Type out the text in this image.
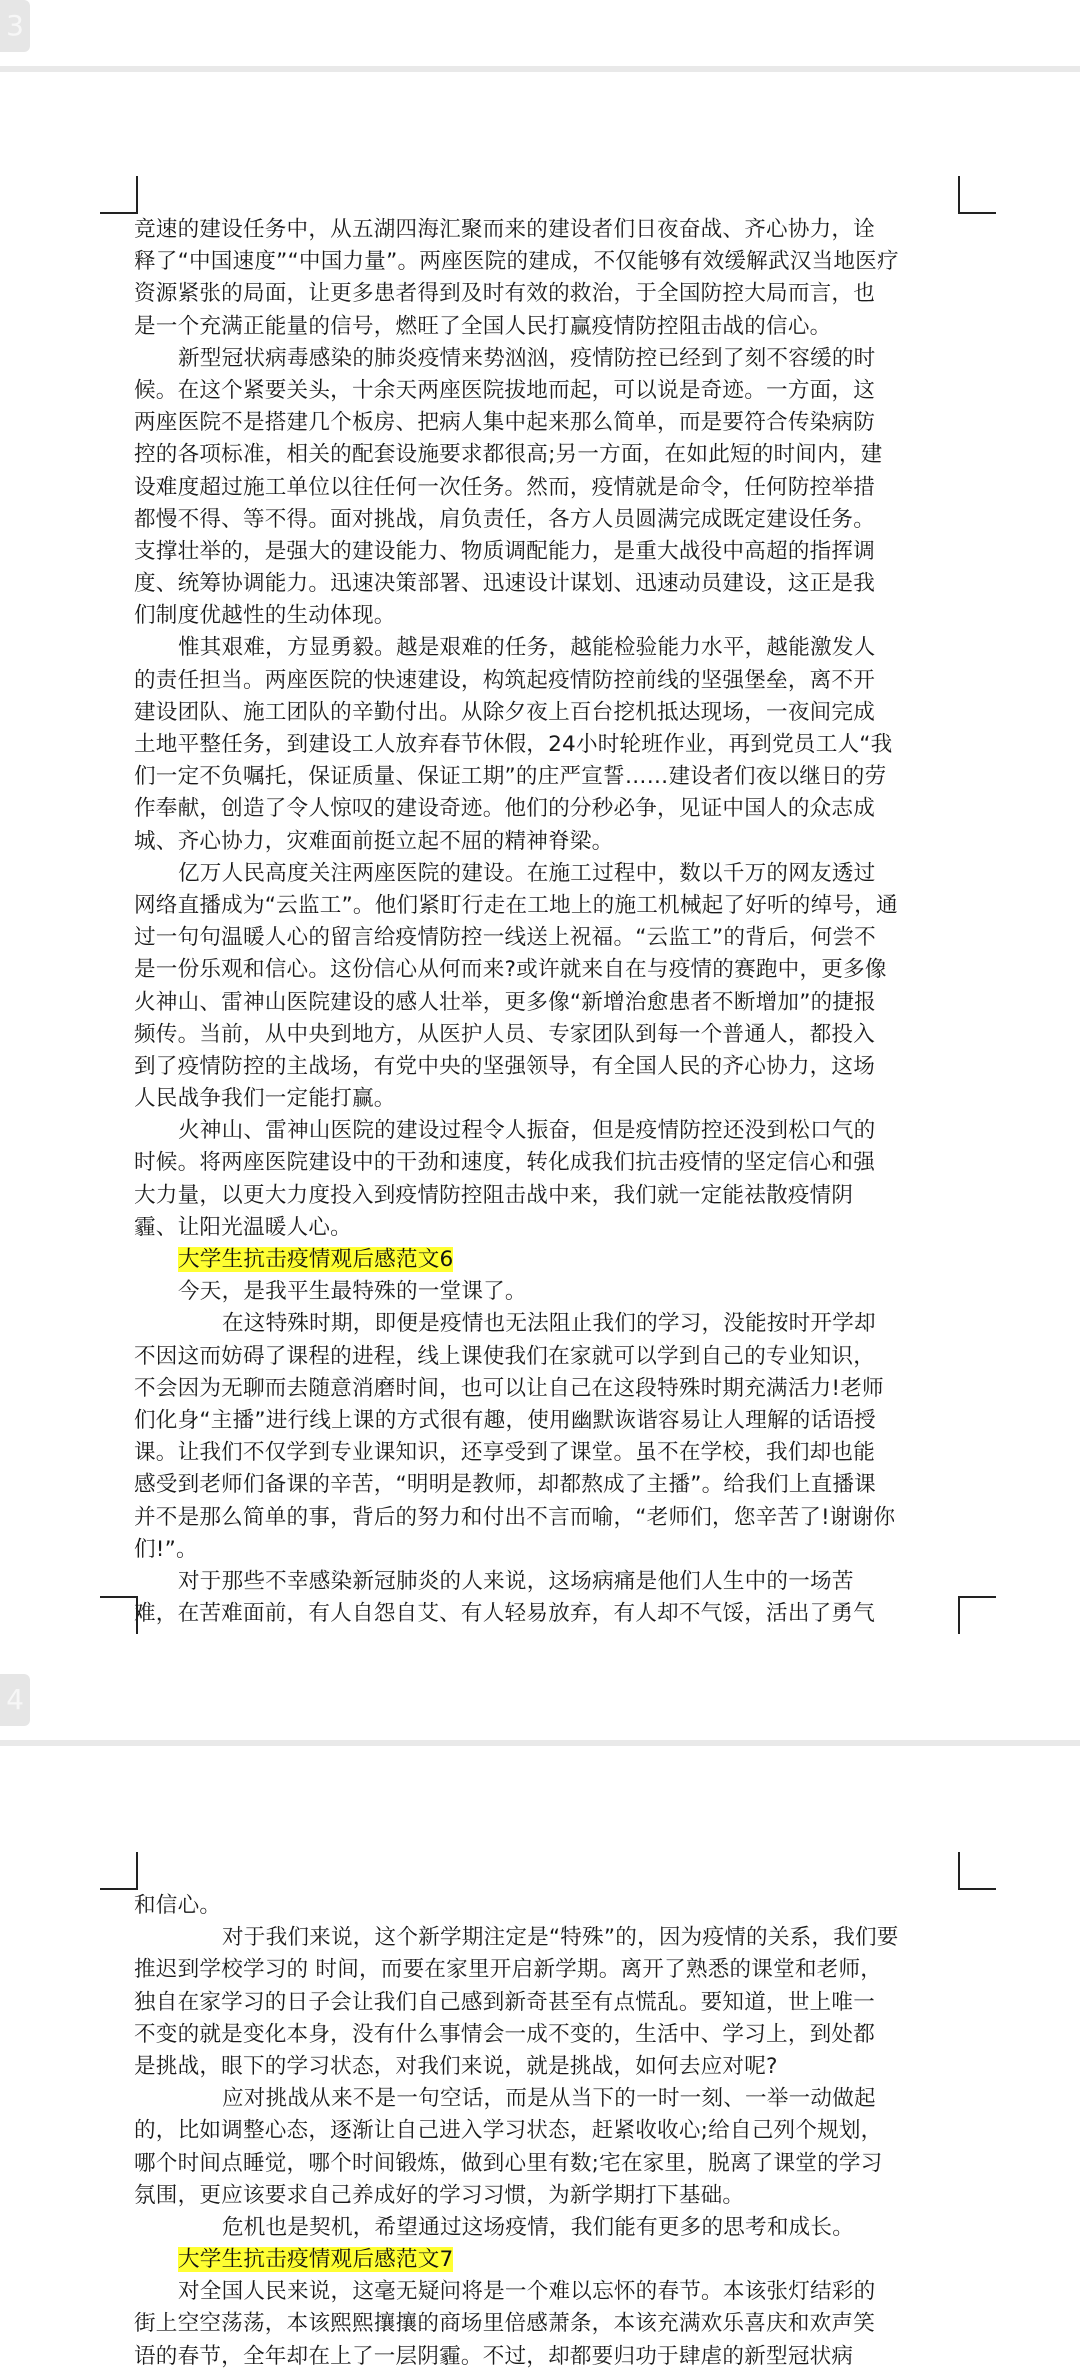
3
竞速的建设任务中，从五湖四海汇聚而来的建设者们日夜奋战、齐心协力，诠
释了“中国速度”“中国力量”。两座医院的建成，不仅能够有效缓解武汉当地医疗
资源紧张的局面，让更多患者得到及时有效的救治，于全国防控大局而言，也
是一个充满正能量的信号，燃旺了全国人民打赢疫情防控阻击战的信心。
新型冠状病毒感染的肺炎疫情来势汹汹，疫情防控已经到了刻不容缓的时
候。在这个紧要关头，十余天两座医院拔地而起，可以说是奇迹。一方面，这
两座医院不是搭建几个板房、把病人集中起来那么简单，而是要符合传染病防
控的各项标准，相关的配套设施要求都很高;另一方面，在如此短的时间内，建
设难度超过施工单位以往任何一次任务。然而，疫情就是命令，任何防控举措
都慢不得、等不得。面对挑战，肩负责任，各方人员圆满完成既定建设任务。
支撑壮举的，是强大的建设能力、物质调配能力，是重大战役中高超的指挥调
度、统筹协调能力。迅速决策部署、迅速设计谋划、迅速动员建设，这正是我
们制度优越性的生动体现。
惟其艰难，方显勇毅。越是艰难的任务，越能检验能力水平，越能激发人
的责任担当。两座医院的快速建设，构筑起疫情防控前线的坚强堡垒，离不开
建设团队、施工团队的辛勤付出。从除夕夜上百台挖机抵达现场，一夜间完成
土地平整任务，到建设工人放弃春节休假，24小时轮班作业，再到党员工人“我
们一定不负嘱托，保证质量、保证工期”的庄严宣誓……建设者们夜以继日的劳
作奉献，创造了令人惊叹的建设奇迹。他们的分秒必争，见证中国人的众志成
城、齐心协力，灾难面前挺立起不屈的精神脊梁。
亿万人民高度关注两座医院的建设。在施工过程中，数以千万的网友透过
网络直播成为“云监工”。他们紧盯行走在工地上的施工机械起了好听的绰号，通
过一句句温暖人心的留言给疫情防控一线送上祝福。“云监工”的背后，何尝不
是一份乐观和信心。这份信心从何而来?或许就来自在与疫情的赛跑中，更多像
火神山、雷神山医院建设的感人壮举，更多像“新增治愈患者不断增加”的捷报
频传。当前，从中央到地方，从医护人员、专家团队到每一个普通人，都投入
到了疫情防控的主战场，有党中央的坚强领导，有全国人民的齐心协力，这场
人民战争我们一定能打赢。
火神山、雷神山医院的建设过程令人振奋，但是疫情防控还没到松口气的
时候。将两座医院建设中的干劲和速度，转化成我们抗击疫情的坚定信心和强
大力量，以更大力度投入到疫情防控阻击战中来，我们就一定能祛散疫情阴
霾、让阳光温暖人心。
大学生抗击疫情观后感范文6
今天，是我平生最特殊的一堂课了。
在这特殊时期，即便是疫情也无法阻止我们的学习，没能按时开学却
不因这而妨碍了课程的进程，线上课使我们在家就可以学到自己的专业知识，
不会因为无聊而去随意消磨时间，也可以让自己在这段特殊时期充满活力!老师
们化身“主播”进行线上课的方式很有趣，使用幽默诙谐容易让人理解的话语授
课。让我们不仅学到专业课知识，还享受到了课堂。虽不在学校，我们却也能
感受到老师们备课的辛苦，“明明是教师，却都熬成了主播”。给我们上直播课
并不是那么简单的事，背后的努力和付出不言而喻，“老师们，您辛苦了!谢谢你
们!”。
对于那些不幸感染新冠肺炎的人来说，这场病痛是他们人生中的一场苦
难，在苦难面前，有人自怨自艾、有人轻易放弃，有人却不气馁，活出了勇气
4
和信心。
对于我们来说，这个新学期注定是“特殊”的，因为疫情的关系，我们要
推迟到学校学习的 时间，而要在家里开启新学期。离开了熟悉的课堂和老师，
独自在家学习的日子会让我们自己感到新奇甚至有点慌乱。要知道，世上唯一
不变的就是变化本身，没有什么事情会一成不变的，生活中、学习上，到处都
是挑战，眼下的学习状态，对我们来说，就是挑战，如何去应对呢?
应对挑战从来不是一句空话，而是从当下的一时一刻、一举一动做起
的，比如调整心态，逐渐让自己进入学习状态，赶紧收收心;给自己列个规划，
哪个时间点睡觉，哪个时间锻炼，做到心里有数;宅在家里，脱离了课堂的学习
氛围，更应该要求自己养成好的学习习惯，为新学期打下基础。
危机也是契机，希望通过这场疫情，我们能有更多的思考和成长。
大学生抗击疫情观后感范文7
对全国人民来说，这毫无疑问将是一个难以忘怀的春节。本该张灯结彩的
街上空空荡荡，本该熙熙攘攘的商场里倍感萧条，本该充满欢乐喜庆和欢声笑
语的春节，全年却在上了一层阴霾。不过，却都要归功于肆虐的新型冠状病
